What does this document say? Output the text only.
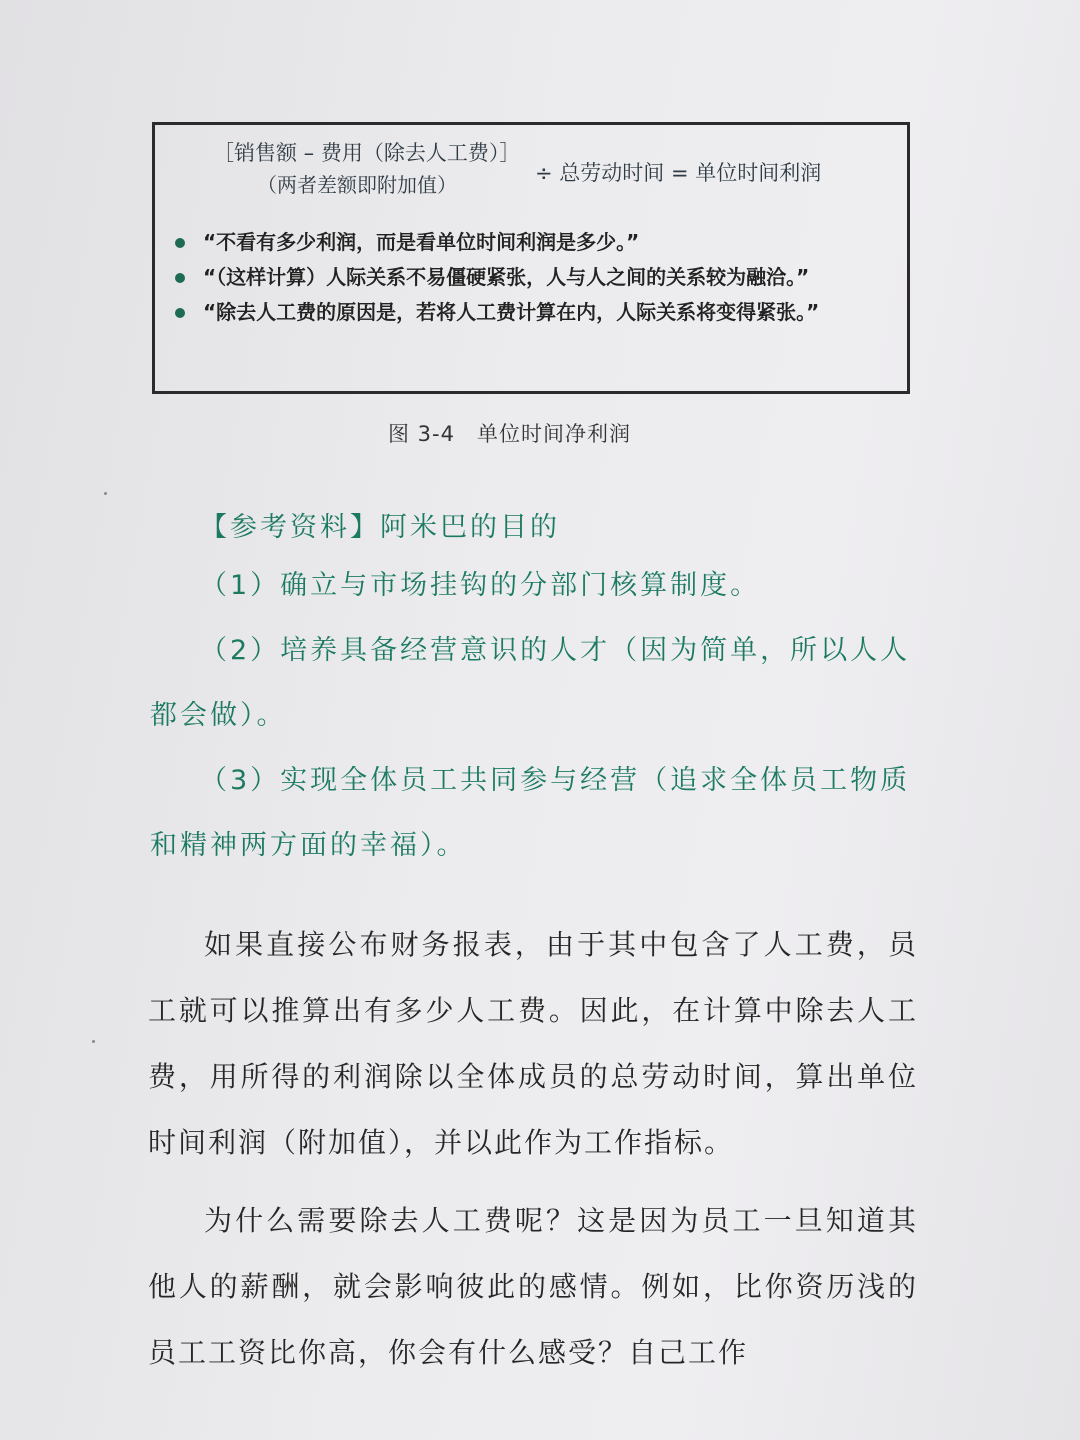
［销售额 – 费用（除去人工费）］
（两者差额即附加值）	÷ 总劳动时间 = 单位时间利润
“不看有多少利润，而是看单位时间利润是多少。”
“（这样计算）人际关系不易僵硬紧张，人与人之间的关系较为融洽。”
“除去人工费的原因是，若将人工费计算在内，人际关系将变得紧张。”
图 3-4　单位时间净利润
【参考资料】阿米巴的目的
（1）确立与市场挂钩的分部门核算制度。
（2）培养具备经营意识的人才（因为简单，所以人人都会做）。
（3）实现全体员工共同参与经营（追求全体员工物质和精神两方面的幸福）。

如果直接公布财务报表，由于其中包含了人工费，员工就可以推算出有多少人工费。因此，在计算中除去人工费，用所得的利润除以全体成员的总劳动时间，算出单位时间利润（附加值），并以此作为工作指标。

为什么需要除去人工费呢？这是因为员工一旦知道其他人的薪酬，就会影响彼此的感情。例如，比你资历浅的员工工资比你高，你会有什么感受？自己工作
